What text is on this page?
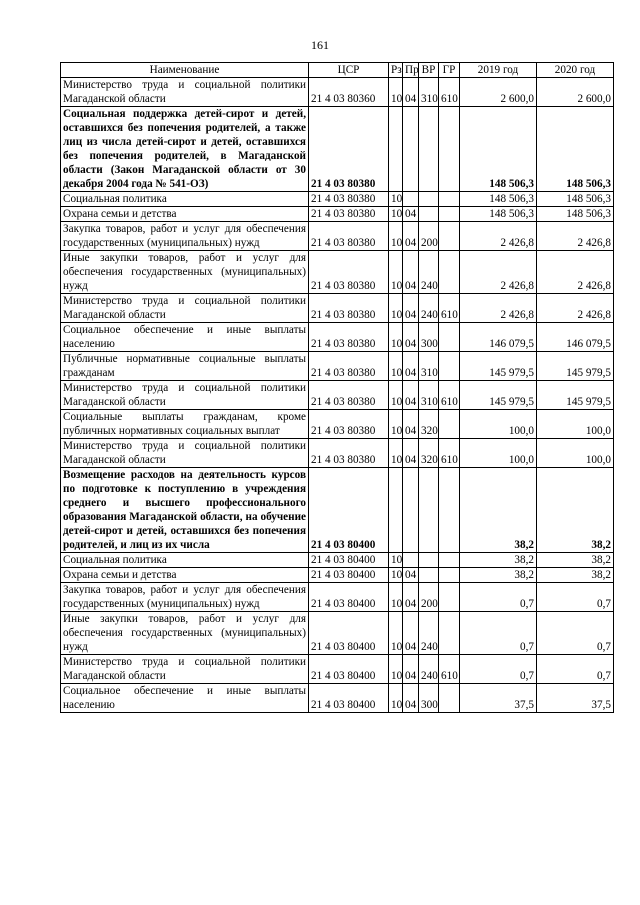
161
Наименование	ЦСР	Рз	Пр	ВР	ГР	2019 год	2020 год
Министерство труда и социальной политики Магаданской области	21 4 03 80360	10	04	310	610	2 600,0	2 600,0
Социальная поддержка детей-сирот и детей, оставшихся без попечения родителей, а также лиц из числа детей-сирот и детей, оставшихся без попечения родителей, в Магаданской области (Закон Магаданской области от 30 декабря 2004 года № 541-ОЗ)	21 4 03 80380					148 506,3	148 506,3
Социальная политика	21 4 03 80380	10				148 506,3	148 506,3
Охрана семьи и детства	21 4 03 80380	10	04			148 506,3	148 506,3
Закупка товаров, работ и услуг для обеспечения государственных (муниципальных) нужд	21 4 03 80380	10	04	200		2 426,8	2 426,8
Иные закупки товаров, работ и услуг для обеспечения государственных (муниципальных) нужд	21 4 03 80380	10	04	240		2 426,8	2 426,8
Министерство труда и социальной политики Магаданской области	21 4 03 80380	10	04	240	610	2 426,8	2 426,8
Социальное обеспечение и иные выплаты населению	21 4 03 80380	10	04	300		146 079,5	146 079,5
Публичные нормативные социальные выплаты гражданам	21 4 03 80380	10	04	310		145 979,5	145 979,5
Министерство труда и социальной политики Магаданской области	21 4 03 80380	10	04	310	610	145 979,5	145 979,5
Социальные выплаты гражданам, кроме публичных нормативных социальных выплат	21 4 03 80380	10	04	320		100,0	100,0
Министерство труда и социальной политики Магаданской области	21 4 03 80380	10	04	320	610	100,0	100,0
Возмещение расходов на деятельность курсов по подготовке к поступлению в учреждения среднего и высшего профессионального образования Магаданской области, на обучение детей-сирот и детей, оставшихся без попечения родителей, и лиц из их числа	21 4 03 80400					38,2	38,2
Социальная политика	21 4 03 80400	10				38,2	38,2
Охрана семьи и детства	21 4 03 80400	10	04			38,2	38,2
Закупка товаров, работ и услуг для обеспечения государственных (муниципальных) нужд	21 4 03 80400	10	04	200		0,7	0,7
Иные закупки товаров, работ и услуг для обеспечения государственных (муниципальных) нужд	21 4 03 80400	10	04	240		0,7	0,7
Министерство труда и социальной политики Магаданской области	21 4 03 80400	10	04	240	610	0,7	0,7
Социальное обеспечение и иные выплаты населению	21 4 03 80400	10	04	300		37,5	37,5
